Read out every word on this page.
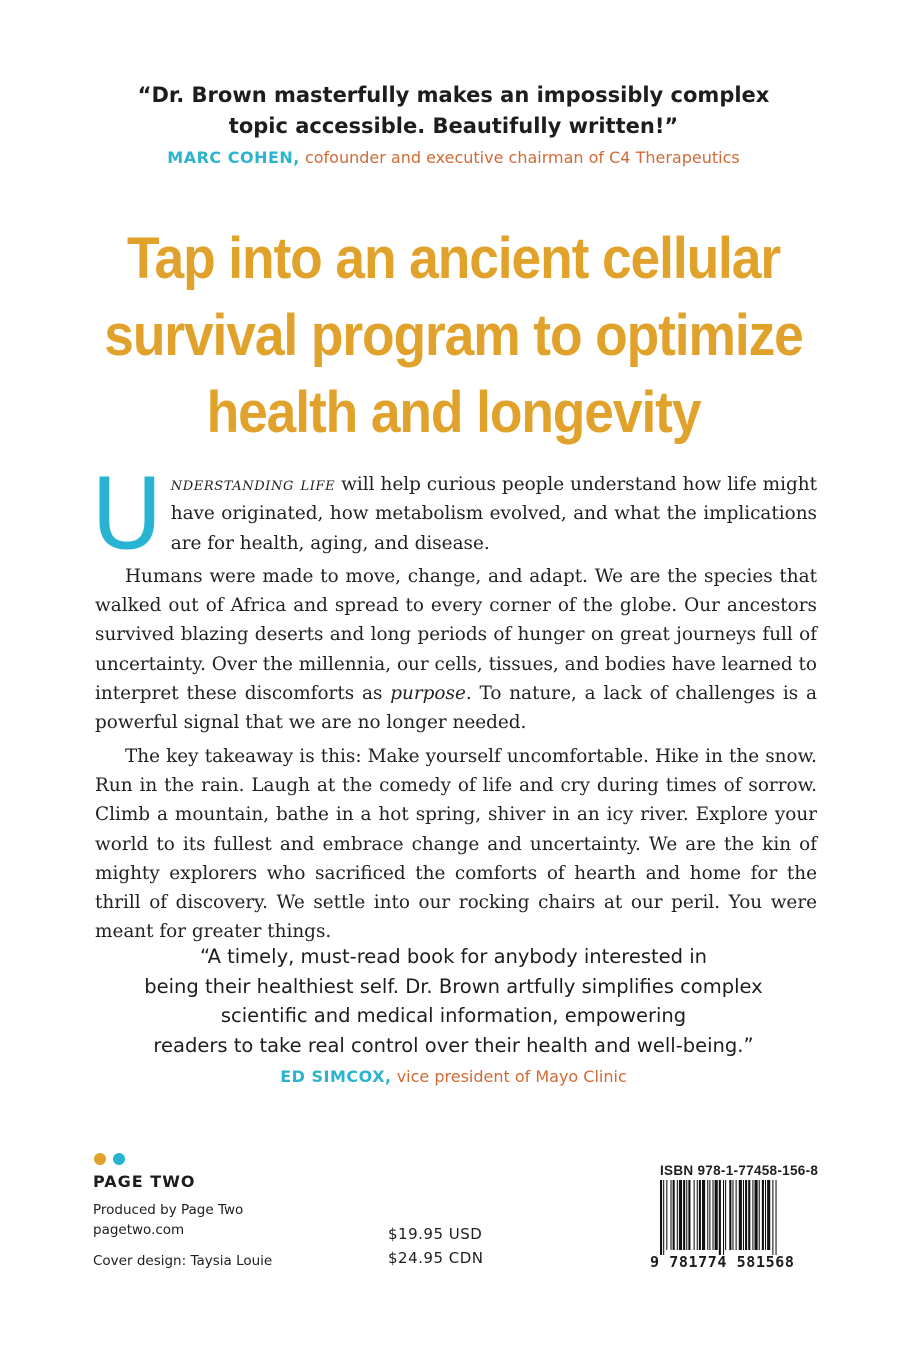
“Dr. Brown masterfully makes an impossibly complex
topic accessible. Beautifully written!”
MARC COHEN, cofounder and executive chairman of C4 Therapeutics
Tap into an ancient cellular
survival program to optimize
health and longevity

Understanding life will help curious people understand how life might have originated, how metabolism evolved, and what the implications are for health, aging, and disease.

Humans were made to move, change, and adapt. We are the species that walked out of Africa and spread to every corner of the globe. Our ancestors survived blazing deserts and long periods of hunger on great journeys full of uncertainty. Over the millennia, our cells, tissues, and bodies have learned to interpret these discomforts as purpose. To nature, a lack of challenges is a powerful signal that we are no longer needed.

The key takeaway is this: Make yourself uncomfortable. Hike in the snow. Run in the rain. Laugh at the comedy of life and cry during times of sorrow. Climb a mountain, bathe in a hot spring, shiver in an icy river. Explore your world to its fullest and embrace change and uncertainty. We are the kin of mighty explorers who sacrificed the comforts of hearth and home for the thrill of discovery. We settle into our rocking chairs at our peril. You were meant for greater things.

“A timely, must-read book for anybody interested in
being their healthiest self. Dr. Brown artfully simplifies complex
scientific and medical information, empowering
readers to take real control over their health and well-being.”
ED SIMCOX, vice president of Mayo Clinic
PAGE TWO
Produced by Page Two
pagetwo.com
Cover design: Taysia Louie
$19.95 USD
$24.95 CDN
ISBN 978-1-77458-156-8
9 781774 581568
